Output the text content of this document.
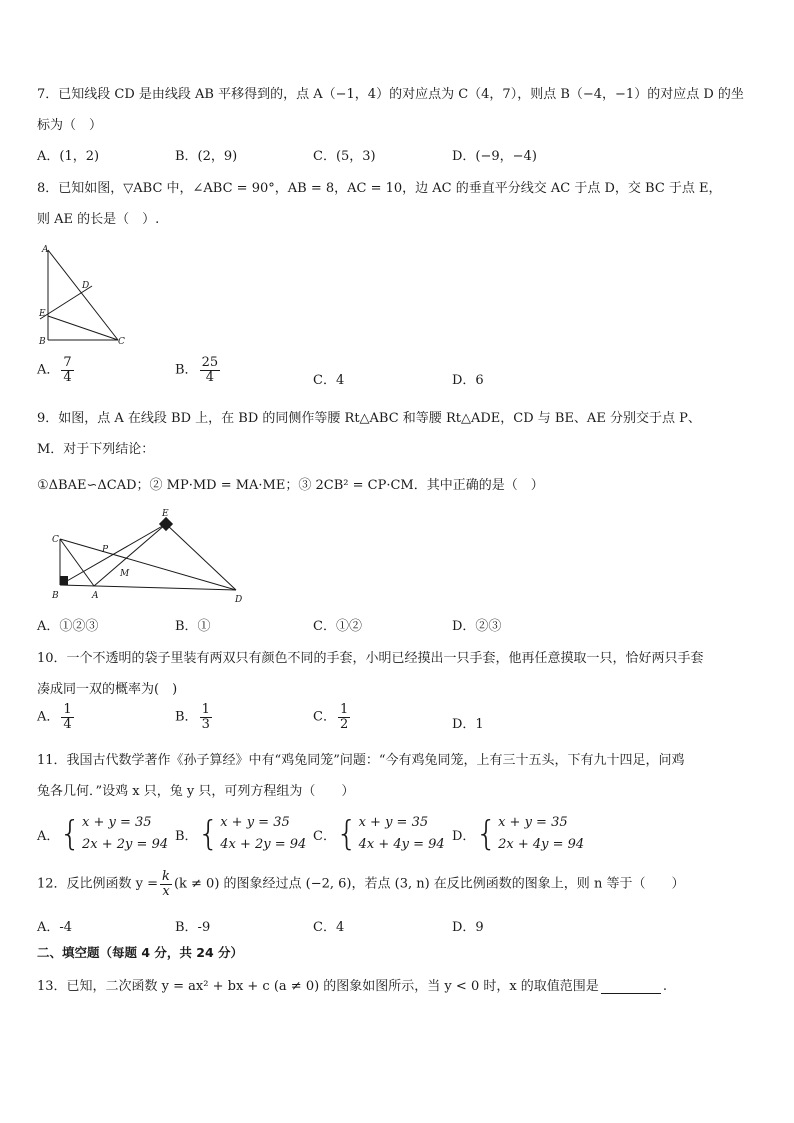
7．已知线段 CD 是由线段 AB 平移得到的，点 A（−1，4）的对应点为 C（4，7），则点 B（−4，−1）的对应点 D 的坐
标为（　）
A．(1，2)	B．(2，9)	C．(5，3)	D．(−9，−4)
8．已知如图，▽ABC 中，∠ABC = 90°，AB = 8，AC = 10，边 AC 的垂直平分线交 AC 于点 D，交 BC 于点 E，
则 AE 的长是（　）.
A
D
E
B	C
A． $\frac{7}{4}$	B． $\frac{25}{4}$	C．4	D．6
9．如图，点 A 在线段 BD 上，在 BD 的同侧作等腰 Rt△ABC 和等腰 Rt△ADE，CD 与 BE、AE 分别交于点 P、
M．对于下列结论：
①ΔBAE∽ΔCAD；② MP·MD = MA·ME；③ 2CB² = CP·CM．其中正确的是（　）
E
C
P
M
B	A	D
A．①②③	B．①	C．①②	D．②③
10．一个不透明的袋子里装有两双只有颜色不同的手套，小明已经摸出一只手套，他再任意摸取一只，恰好两只手套
凑成同一双的概率为(　)
A． $\frac{1}{4}$	B． $\frac{1}{3}$	C． $\frac{1}{2}$	D．1
11．我国古代数学著作《孙子算经》中有“鸡兔同笼”问题：“今有鸡兔同笼，上有三十五头，下有九十四足，问鸡
兔各几何．”设鸡 x 只，兔 y 只，可列方程组为（　　）
A． { x + y = 35
2x + 2y = 94
B． { x + y = 35
4x + 2y = 94
C． { x + y = 35
4x + 4y = 94
D． { x + y = 35
2x + 4y = 94
12．反比例函数 $y = \frac{k}{x} (k \ne 0)$ 的图象经过点 (−2, 6)，若点 (3, n) 在反比例函数的图象上，则 n 等于（　　）
A．-4	B．-9	C．4	D．9
二、填空题（每题 4 分，共 24 分）
13．已知，二次函数 y = ax² + bx + c (a ≠ 0) 的图象如图所示，当 y < 0 时，x 的取值范围是	.
